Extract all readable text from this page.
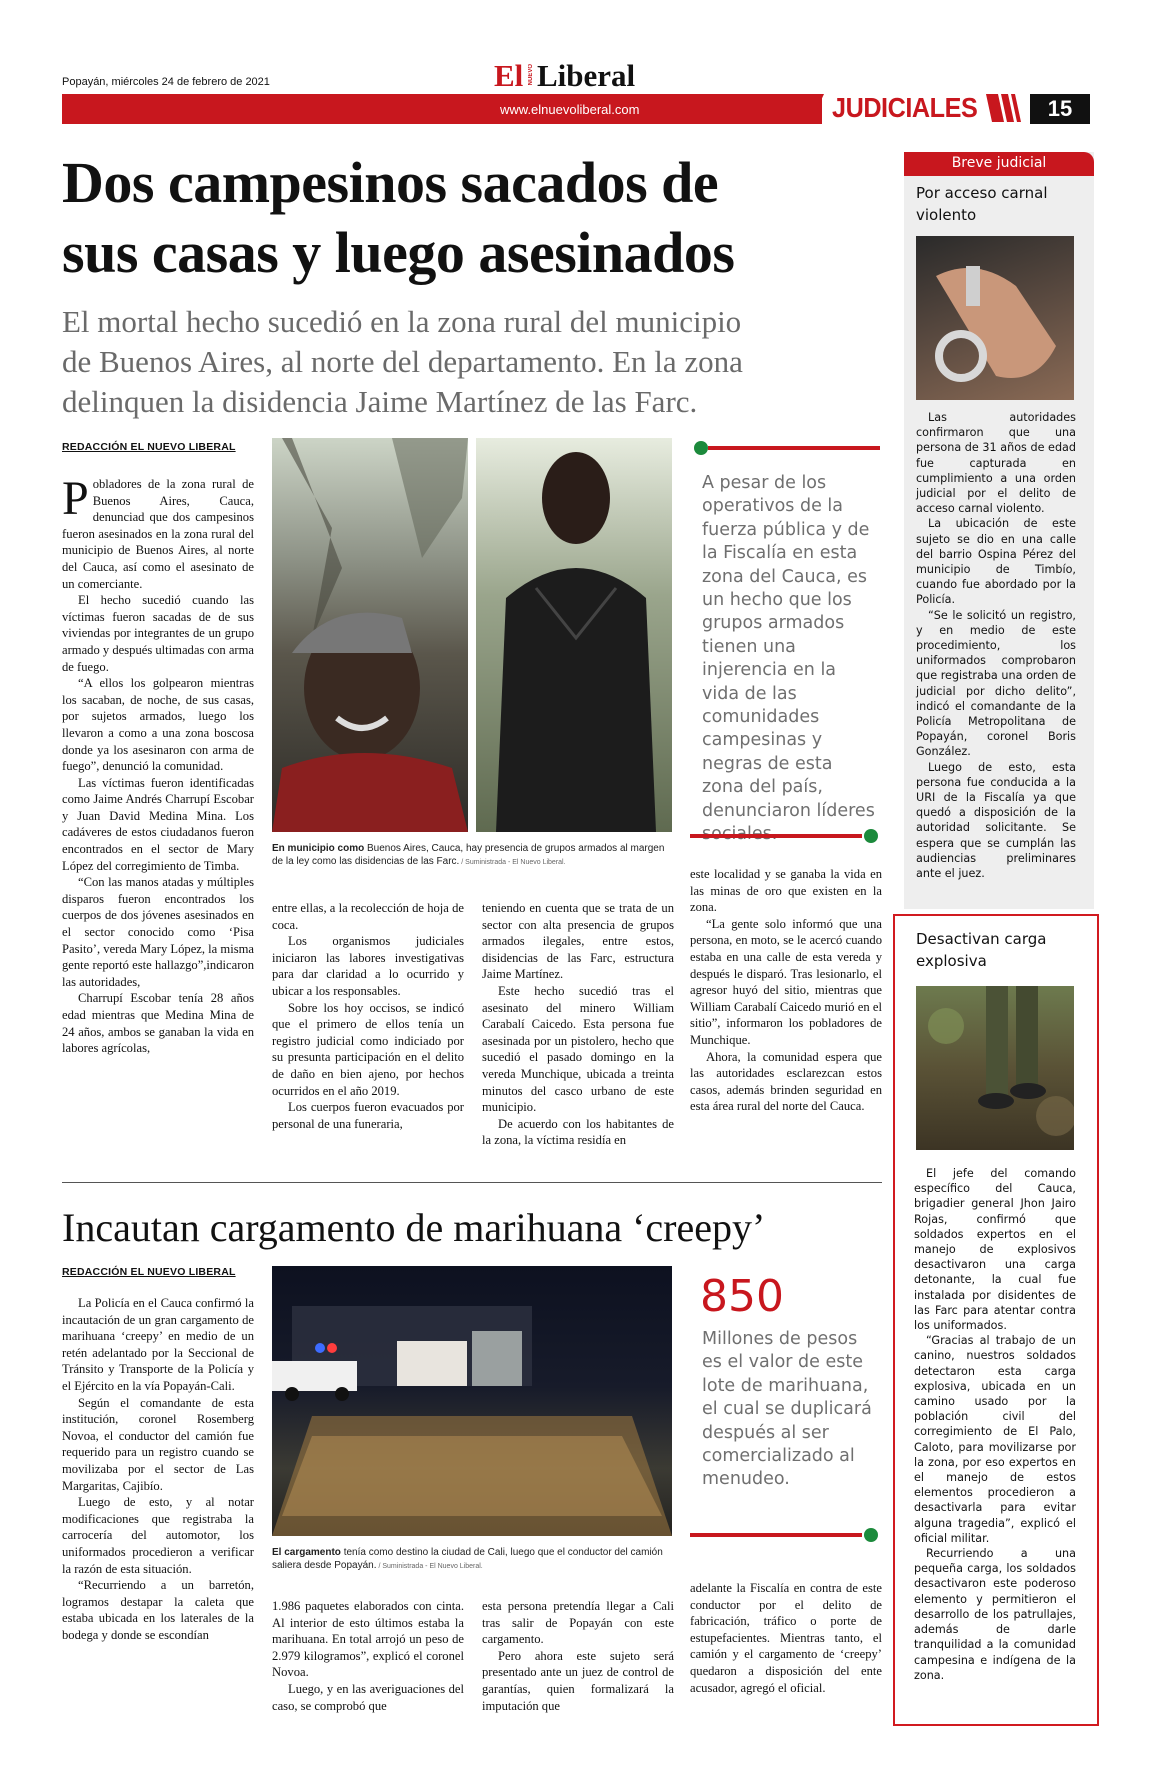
Popayán, miércoles 24 de febrero de 2021	El NUEVO Liberal
www.elnuevoliberal.com	JUDICIALES	15
Dos campesinos sacados de
sus casas y luego asesinados
El mortal hecho sucedió en la zona rural del municipio
de Buenos Aires, al norte del departamento. En la zona
delinquen la disidencia Jaime Martínez de las Farc.
REDACCIÓN EL NUEVO LIBERAL

Pobladores de la zona rural de Buenos Aires, Cauca, denunciad que dos campesinos fueron asesinados en la zona rural del municipio de Buenos Aires, al norte del Cauca, así como el asesinato de un comerciante.

El hecho sucedió cuando las víctimas fueron sacadas de de sus viviendas por integrantes de un grupo armado y después ultimadas con arma de fuego.

“A ellos los golpearon mientras los sacaban, de noche, de sus casas, por sujetos armados, luego los llevaron a como a una zona boscosa donde ya los asesinaron con arma de fuego”, denunció la comunidad.

Las víctimas fueron identificadas como Jaime Andrés Charrupí Escobar y Juan David Medina Mina. Los cadáveres de estos ciudadanos fueron encontrados en el sector de Mary López del corregimiento de Timba.

“Con las manos atadas y múltiples disparos fueron encontrados los cuerpos de dos jóvenes asesinados en el sector conocido como ‘Pisa Pasito’, vereda Mary López, la misma gente reportó este hallazgo”,indicaron las autoridades,

Charrupí Escobar tenía 28 años edad mientras que Medina Mina de 24 años, ambos se ganaban la vida en labores agrícolas,

En municipio como Buenos Aires, Cauca, hay presencia de grupos armados al margen de la ley como las disidencias de las Farc. / Suministrada - El Nuevo Liberal.
A pesar de los operativos de la fuerza pública y de la Fiscalía en esta zona del Cauca, es un hecho que los grupos armados tienen una injerencia en la vida de las comunidades campesinas y negras de esta zona del país, denunciaron líderes

entre ellas, a la recolección de hoja de coca.

Los organismos judiciales iniciaron las labores investigativas para dar claridad a lo ocurrido y ubicar a los responsables.

Sobre los hoy occisos, se indicó que el primero de ellos tenía un registro judicial como indiciado por su presunta participación en el delito de daño en bien ajeno, por hechos ocurridos en el año 2019.

Los cuerpos fueron evacuados por personal de una funeraria,

teniendo en cuenta que se trata de un sector con alta presencia de grupos armados ilegales, entre estos, disidencias de las Farc, estructura Jaime Martínez.

Este hecho sucedió tras el asesinato del minero William Carabalí Caicedo. Esta persona fue asesinada por un pistolero, hecho que sucedió el pasado domingo en la vereda Munchique, ubicada a treinta minutos del casco urbano de este municipio.

De acuerdo con los habitantes de la zona, la víctima residía en

este localidad y se ganaba la vida en las minas de oro que existen en la zona.

“La gente solo informó que una persona, en moto, se le acercó cuando estaba en una calle de esta vereda y después le disparó. Tras lesionarlo, el agresor huyó del sitio, mientras que William Carabalí Caicedo murió en el sitio”, informaron los pobladores de Munchique.

Ahora, la comunidad espera que las autoridades esclarezcan estos casos, además brinden seguridad en esta área rural del norte del Cauca.

Incautan cargamento de marihuana ‘creepy’
REDACCIÓN EL NUEVO LIBERAL

La Policía en el Cauca confirmó la incautación de un gran cargamento de marihuana ‘creepy’ en medio de un retén adelantado por la Seccional de Tránsito y Transporte de la Policía y el Ejército en la vía Popayán-Cali.

Según el comandante de esta institución, coronel Rosemberg Novoa, el conductor del camión fue requerido para un registro cuando se movilizaba por el sector de Las Margaritas, Cajibío.

Luego de esto, y al notar modificaciones que registraba la carrocería del automotor, los uniformados procedieron a verificar la razón de esta situación.

“Recurriendo a un barretón, logramos destapar la caleta que estaba ubicada en los laterales de la bodega y donde se escondían

El cargamento tenía como destino la ciudad de Cali, luego que el conductor del camión saliera desde Popayán. / Suministrada - El Nuevo Liberal.
850
Millones de pesos es el valor de este lote de marihuana, el cual se duplicará después al ser comercializado al menudeo.

1.986 paquetes elaborados con cinta. Al interior de esto últimos estaba la marihuana. En total arrojó un peso de 2.979 kilogramos”, explicó el coronel Novoa.

Luego, y en las averiguaciones del caso, se comprobó que

esta persona pretendía llegar a Cali tras salir de Popayán con este cargamento.

Pero ahora este sujeto será presentado ante un juez de control de garantías, quien formalizará la imputación que

adelante la Fiscalía en contra de este conductor por el delito de fabricación, tráfico o porte de estupefacientes. Mientras tanto, el camión y el cargamento de ‘creepy’ quedaron a disposición del ente acusador, agregó el oficial.

Breve judicial
Por acceso carnal violento

Las autoridades confirmaron que una persona de 31 años de edad fue capturada en cumplimiento a una orden judicial por el delito de acceso carnal violento.

La ubicación de este sujeto se dio en una calle del barrio Ospina Pérez del municipio de Timbío, cuando fue abordado por la Policía.

“Se le solicitó un registro, y en medio de este procedimiento, los uniformados comprobaron que registraba una orden de judicial por dicho delito”, indicó el comandante de la Policía Metropolitana de Popayán, coronel Boris González.

Luego de esto, esta persona fue conducida a la URI de la Fiscalía ya que quedó a disposición de la autoridad solicitante. Se espera que se cumplán las audiencias preliminares ante el juez.

Desactivan carga explosiva

El jefe del comando específico del Cauca, brigadier general Jhon Jairo Rojas, confirmó que soldados expertos en el manejo de explosivos desactivaron una carga detonante, la cual fue instalada por disidentes de las Farc para atentar contra los uniformados.

“Gracias al trabajo de un canino, nuestros soldados detectaron esta carga explosiva, ubicada en un camino usado por la población civil del corregimiento de El Palo, Caloto, para movilizarse por la zona, por eso expertos en el manejo de estos elementos procedieron a desactivarla para evitar alguna tragedia”, explicó el oficial militar.

Recurriendo a una pequeña carga, los soldados desactivaron este poderoso elemento y permitieron el desarrollo de los patrullajes, además de darle tranquilidad a la comunidad campesina e indígena de la zona.
